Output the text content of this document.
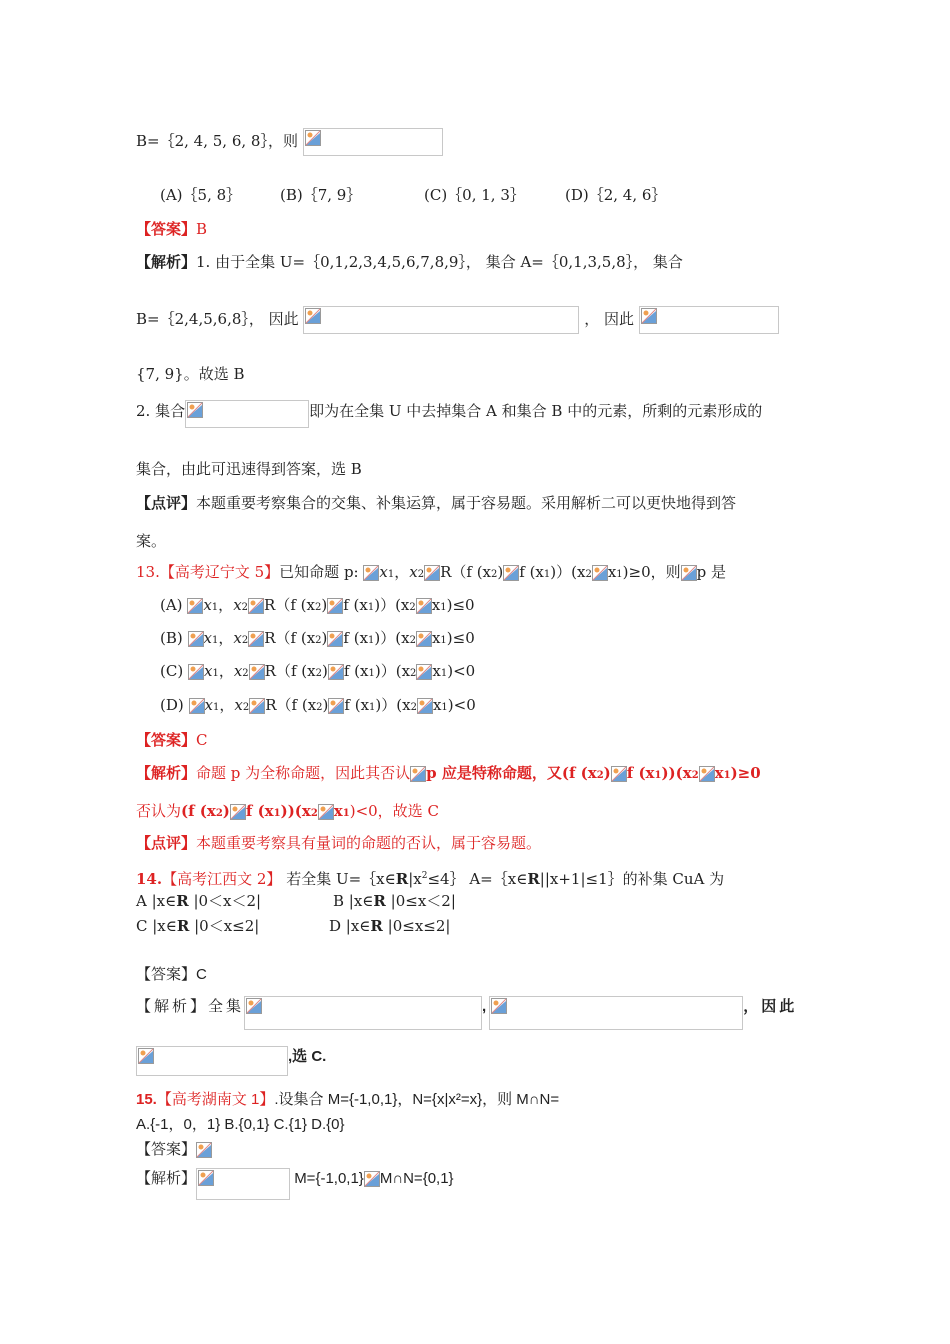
B=｛2, 4, 5, 6, 8｝，则
(A)｛5, 8｝	(B)｛7, 9｝	(C)｛0, 1, 3｝	(D)｛2, 4, 6｝
【答案】B
【解析】1. 由于全集 U=｛0,1,2,3,4,5,6,7,8,9｝， 集合 A=｛0,1,3,5,8｝， 集合
B=｛2,4,5,6,8｝， 因此	， 因此
{7, 9}。故选 B
2. 集合	即为在全集 U 中去掉集合 A 和集合 B 中的元素，所剩的元素形成的
集合，由此可迅速得到答案，选 B
【点评】本题重要考察集合的交集、补集运算，属于容易题。采用解析二可以更快地得到答
案。
13.【高考辽宁文 5】已知命题 p:
x1，x2 R（f (x2) f (x1)）(x2 x1)≥0，则 p 是
(A) x1，x2 R（f (x2) f (x1)）(x2 x1)≤0
(B) x1，x2 R（f (x2) f (x1)）(x2 x1)≤0
(C) x1，x2 R（f (x2) f (x1)）(x2 x1)<0
(D) x1，x2 R（f (x2) f (x1)）(x2 x1)<0
【答案】C
【解析】命题 p 为全称命题，因此其否认 p 应是特称命题，又(f (x2) f (x1))(x2 x1)≥0
否认为(f (x2) f (x1))(x2 x1)<0，故选 C
【点评】本题重要考察具有量词的命题的否认，属于容易题。
14.【高考江西文 2】 若全集 $U=\{x\in R|x^2\le 4\}$ A=｛x∈R||x+1|≤1｝的补集 CuA 为
A |x∈R |0＜x＜2|	B |x∈R |0≤x＜2|
C |x∈R |0＜x≤2|	D |x∈R |0≤x≤2|
【答案】C
【解析】全集	,	，因此
,选 C.
15.【高考湖南文 1】.设集合 M={-1,0,1}，N={x|x²=x}，则 M∩N=
A.{-1，0，1} B.{0,1} C.{1} D.{0}
【答案】
【解析】	M={-1,0,1} M∩N={0,1}
